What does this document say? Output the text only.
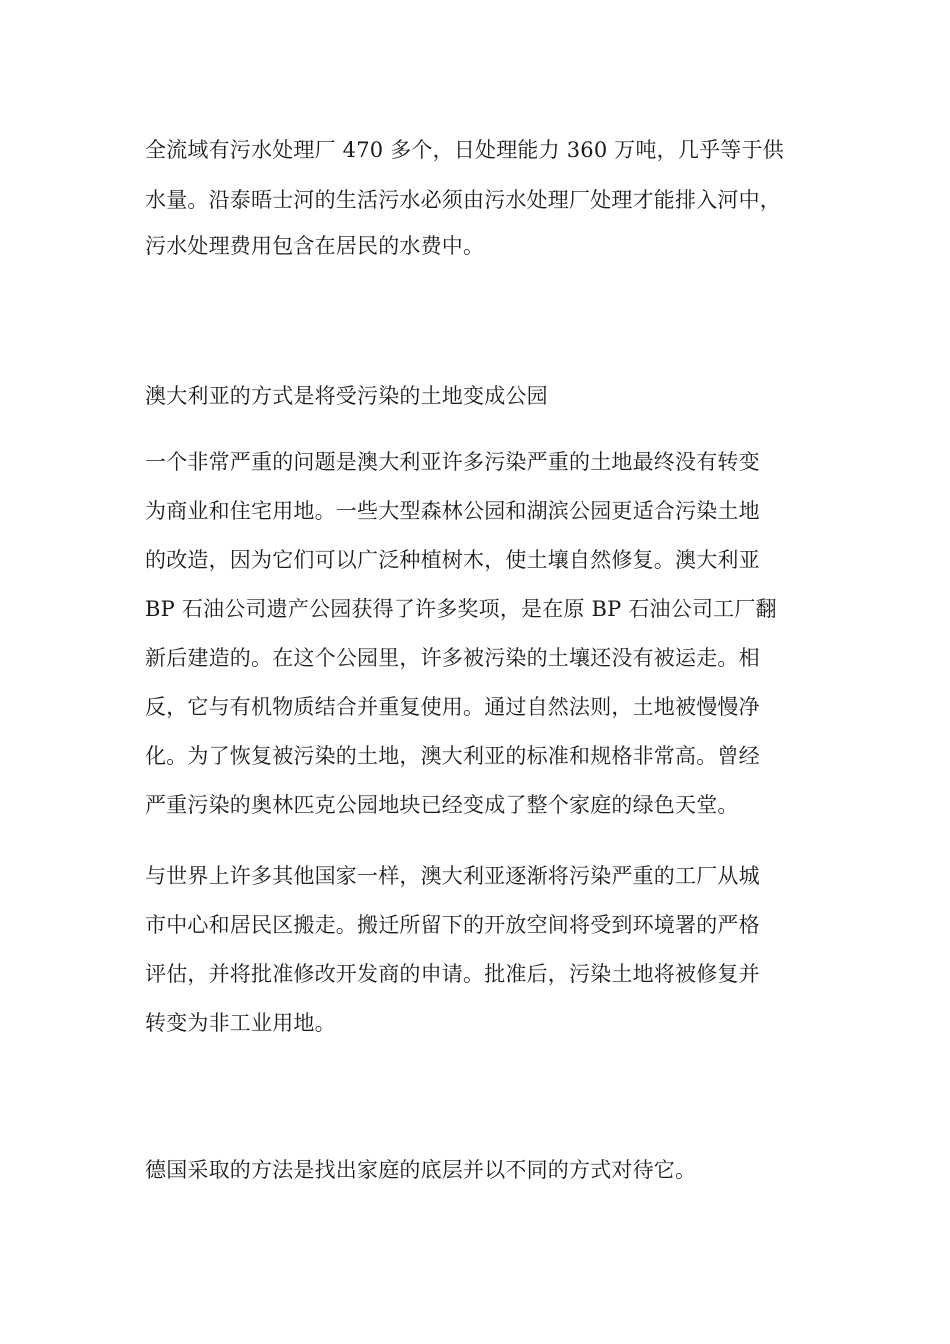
全流域有污水处理厂 470 多个，日处理能力 360 万吨，几乎等于供
水量。沿泰晤士河的生活污水必须由污水处理厂处理才能排入河中，
污水处理费用包含在居民的水费中。
澳大利亚的方式是将受污染的土地变成公园
一个非常严重的问题是澳大利亚许多污染严重的土地最终没有转变
为商业和住宅用地。一些大型森林公园和湖滨公园更适合污染土地
的改造，因为它们可以广泛种植树木，使土壤自然修复。澳大利亚
BP 石油公司遗产公园获得了许多奖项，是在原 BP 石油公司工厂翻
新后建造的。在这个公园里，许多被污染的土壤还没有被运走。相
反，它与有机物质结合并重复使用。通过自然法则，土地被慢慢净
化。为了恢复被污染的土地，澳大利亚的标准和规格非常高。曾经
严重污染的奥林匹克公园地块已经变成了整个家庭的绿色天堂。
与世界上许多其他国家一样，澳大利亚逐渐将污染严重的工厂从城
市中心和居民区搬走。搬迁所留下的开放空间将受到环境署的严格
评估，并将批准修改开发商的申请。批准后，污染土地将被修复并
转变为非工业用地。
德国采取的方法是找出家庭的底层并以不同的方式对待它。
